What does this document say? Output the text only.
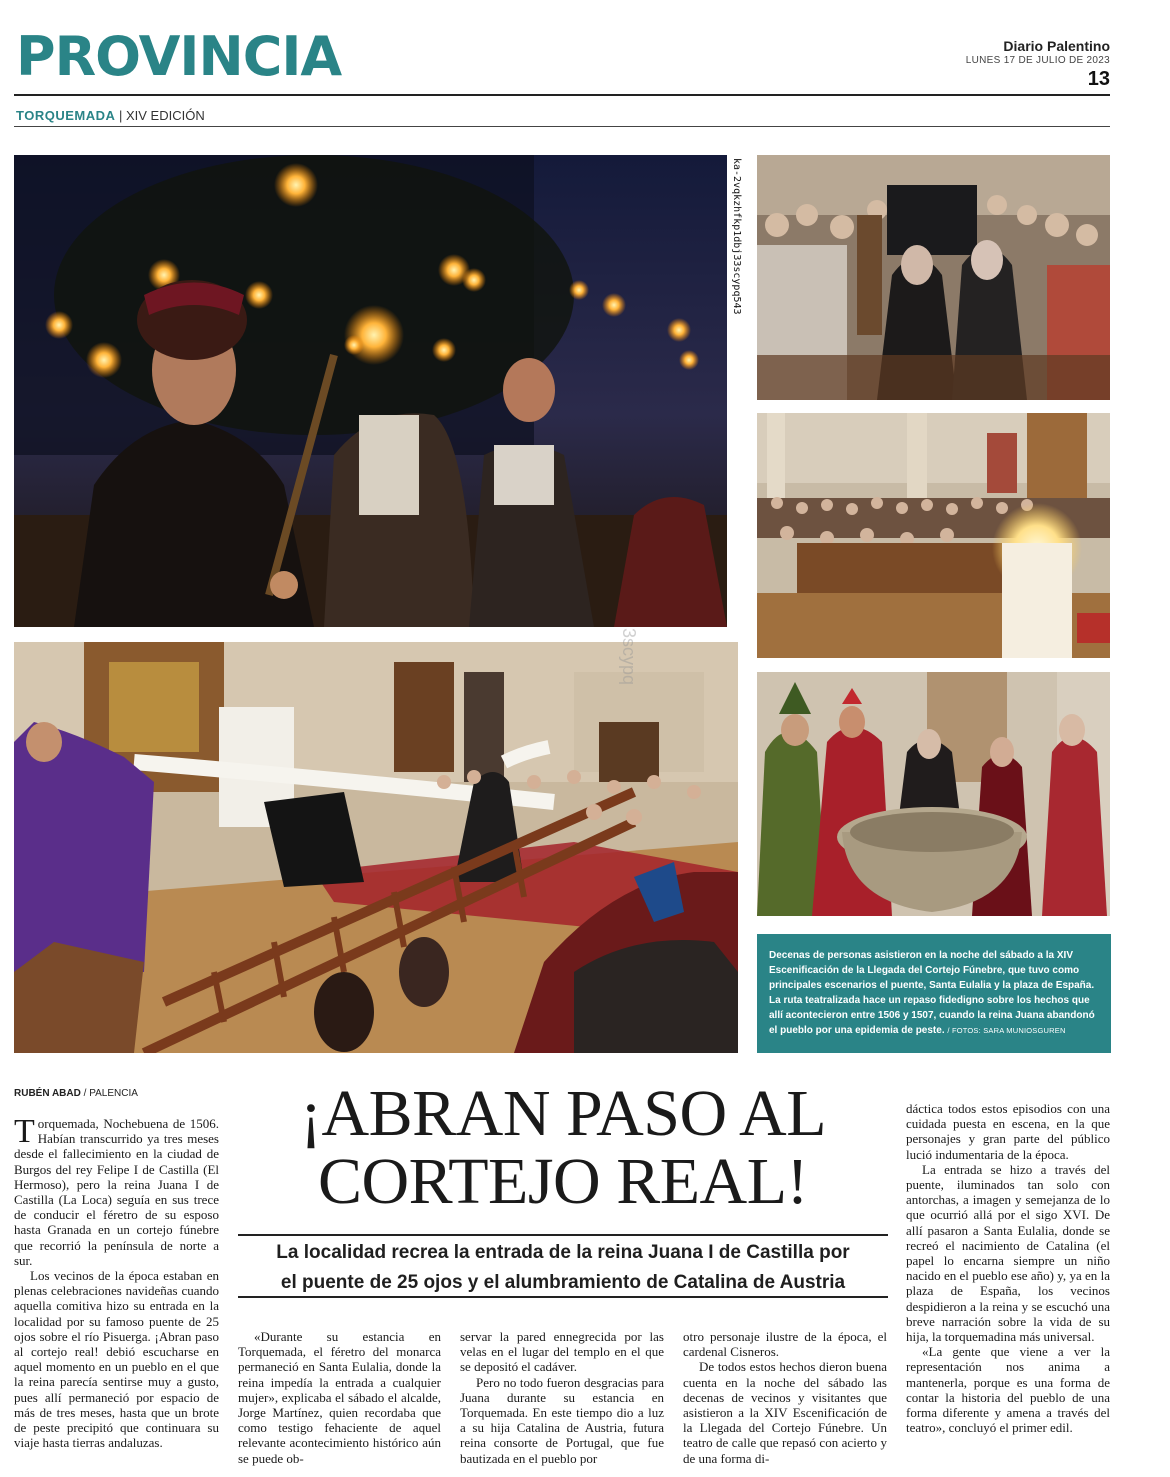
PROVINCIA	Diario Palentino
LUNES 17 DE JULIO DE 2023
13
TORQUEMADA | XIV EDICIÓN
ka-2vqkzhfkp1dbj33scypq543
3scypq
Decenas de personas asistieron en la noche del sábado a la XIV Escenificación de la Llegada del Cortejo Fúnebre, que tuvo como principales escenarios el puente, Santa Eulalia y la plaza de España. La ruta teatralizada hace un repaso fidedigno sobre los hechos que allí acontecieron entre 1506 y 1507, cuando la reina Juana abandonó el pueblo por una epidemia de peste. / FOTOS: SARA MUNIOSGUREN
RUBÉN ABAD / PALENCIA	¡ABRAN PASO AL
CORTEJO REAL!
La localidad recrea la entrada de la reina Juana I de Castilla por
el puente de 25 ojos y el alumbramiento de Catalina de Austria

Torquemada, Nochebuena de 1506. Habían transcurrido ya tres meses desde el fallecimiento en la ciudad de Burgos del rey Felipe I de Castilla (El Hermoso), pero la reina Juana I de Castilla (La Loca) seguía en sus trece de conducir el féretro de su esposo hasta Granada en un cortejo fúnebre que recorrió la península de norte a sur.

Los vecinos de la época estaban en plenas celebraciones navideñas cuando aquella comitiva hizo su entrada en la localidad por su famoso puente de 25 ojos sobre el río Pisuerga. ¡Abran paso al cortejo real! debió escucharse en aquel momento en un pueblo en el que la reina parecía sentirse muy a gusto, pues allí permaneció por espacio de más de tres meses, hasta que un brote de peste precipitó que continuara su viaje hasta tierras andaluzas.

«Durante su estancia en Torquemada, el féretro del monarca permaneció en Santa Eulalia, donde la reina impedía la entrada a cualquier mujer», explicaba el sábado el alcalde, Jorge Martínez, quien recordaba que como testigo fehaciente de aquel relevante acontecimiento histórico aún se puede ob-

servar la pared ennegrecida por las velas en el lugar del templo en el que se depositó el cadáver.

Pero no todo fueron desgracias para Juana durante su estancia en Torquemada. En este tiempo dio a luz a su hija Catalina de Austria, futura reina consorte de Portugal, que fue bautizada en el pueblo por

otro personaje ilustre de la época, el cardenal Cisneros.

De todos estos hechos dieron buena cuenta en la noche del sábado las decenas de vecinos y visitantes que asistieron a la XIV Escenificación de la Llegada del Cortejo Fúnebre. Un teatro de calle que repasó con acierto y de una forma di-

dáctica todos estos episodios con una cuidada puesta en escena, en la que personajes y gran parte del público lució indumentaria de la época.

La entrada se hizo a través del puente, iluminados tan solo con antorchas, a imagen y semejanza de lo que ocurrió allá por el sigo XVI. De allí pasaron a Santa Eulalia, donde se recreó el nacimiento de Catalina (el papel lo encarna siempre un niño nacido en el pueblo ese año) y, ya en la plaza de España, los vecinos despidieron a la reina y se escuchó una breve narración sobre la vida de su hija, la torquemadina más universal.

«La gente que viene a ver la representación nos anima a mantenerla, porque es una forma de contar la historia del pueblo de una forma diferente y amena a través del teatro», concluyó el primer edil.
